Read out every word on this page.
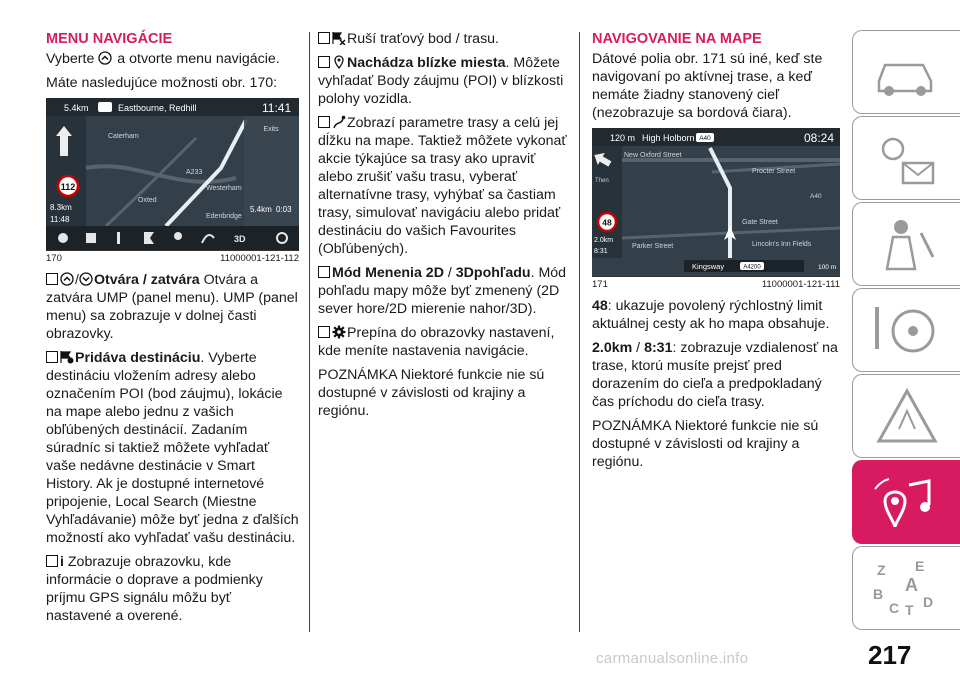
MENU NAVIGÁCIE

Vyberte a otvorte menu navigácie.

Máte nasledujúce možnosti obr. 170:

5.4km	Eastbourne, Redhill	11:41
112
8.3km
11:48
Caterham
A233
Oxted
Westerham
Edenbridge
Exits
5.4km 0:03
3D
170	11000001-121-112

/ Otvára / zatvára Otvára a zatvára UMP (panel menu). UMP (panel menu) sa zobrazuje v dolnej časti obrazovky.

Pridáva destináciu. Vyberte destináciu vložením adresy alebo označením POI (bod záujmu), lokácie na mape alebo jednu z vašich obľúbených destinácií. Zadaním súradníc si taktiež môžete vyhľadať vaše nedávne destinácie v Smart History. Ak je dostupné internetové pripojenie, Local Search (Miestne Vyhľadávanie) môže byť jedna z ďalších možností ako vyhľadať vašu destináciu.

i Zobrazuje obrazovku, kde informácie o doprave a podmienky príjmu GPS signálu môžu byť nastavené a overené.

Ruší traťový bod / trasu.

Nachádza blízke miesta. Môžete vyhľadať Body záujmu (POI) v blízkosti polohy vozidla.

Zobrazí parametre trasy a celú jej dĺžku na mape. Taktiež môžete vykonať akcie týkajúce sa trasy ako upraviť alebo zrušiť vašu trasu, vyberať alternatívne trasy, vyhýbať sa častiam trasy, simulovať navigáciu alebo pridať destináciu do vašich Favourites (Obľúbených).

Mód Menenia 2D / 3Dpohľadu. Mód pohľadu mapy môže byť zmenený (2D sever hore/2D mierenie nahor/3D).

Prepína do obrazovky nastavení, kde meníte nastavenia navigácie.

POZNÁMKA Niektoré funkcie nie sú dostupné v závislosti od krajiny a regiónu.

NAVIGOVANIE NA MAPE

Dátové polia obr. 171 sú iné, keď ste navigovaní po aktívnej trase, a keď nemáte žiadny stanovený cieľ (nezobrazuje sa bordová čiara).

120 m High Holborn A40	08:24
Then
48
2.0km
8:31
New Oxford Street
Procter Street
A40
Gate Street
Parker Street	Lincoln's Inn Fields
Kingsway	A4200	100 m
171	11000001-121-111

48: ukazuje povolený rýchlostný limit aktuálnej cesty ak ho mapa obsahuje.

2.0km / 8:31: zobrazuje vzdialenosť na trase, ktorú musíte prejsť pred dorazením do cieľa a predpokladaný čas príchodu do cieľa trasy.

POZNÁMKA Niektoré funkcie nie sú dostupné v závislosti od krajiny a regiónu.

Z E
B A
C T D
217
carmanualsonline.info
